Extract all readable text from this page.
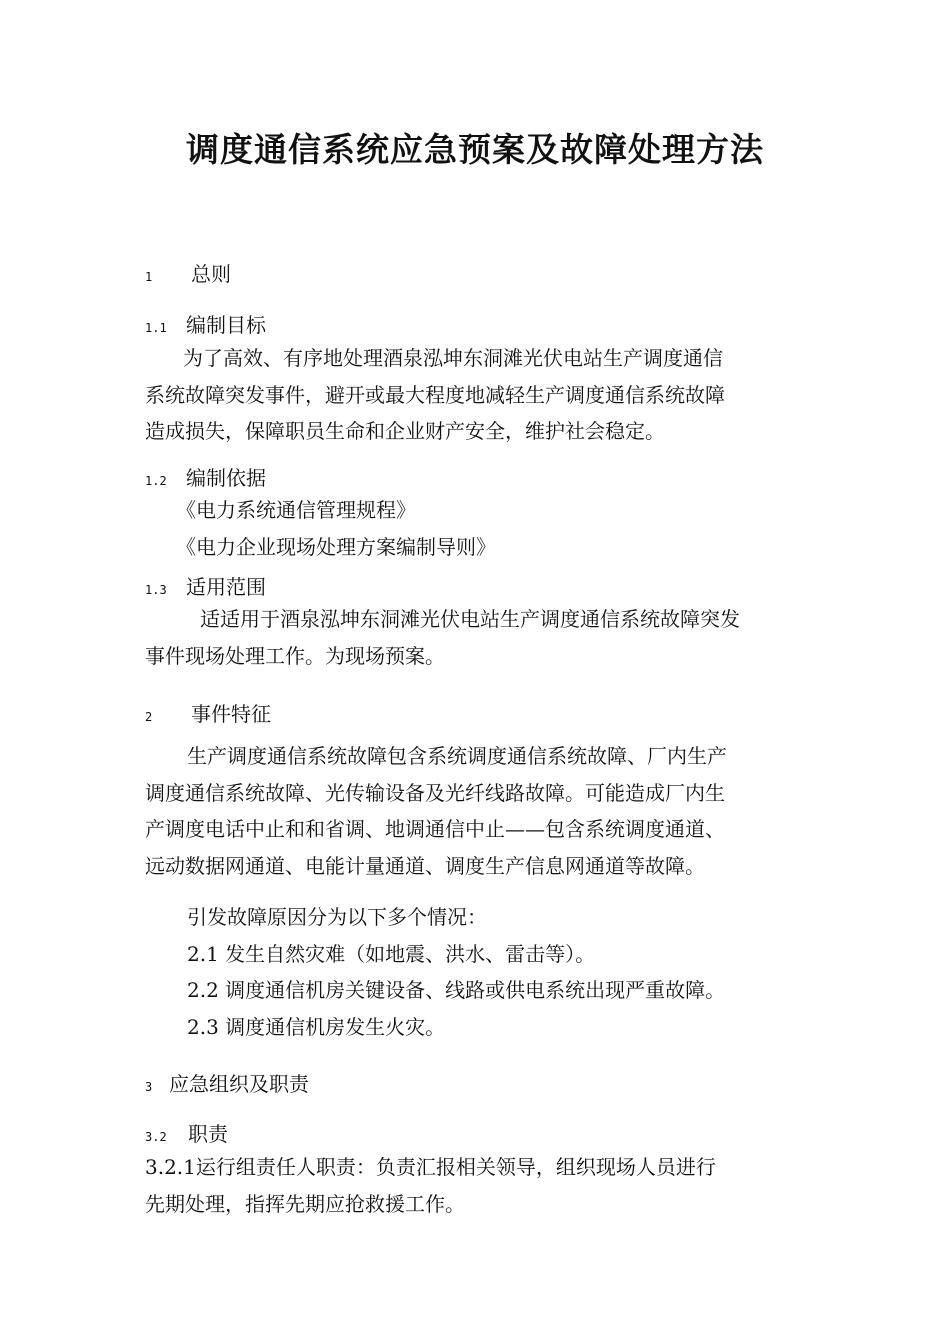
调度通信系统应急预案及故障处理方法
1 总则
1.1 编制目标
为了高效、有序地处理酒泉泓坤东洞滩光伏电站生产调度通信
系统故障突发事件，避开或最大程度地减轻生产调度通信系统故障
造成损失，保障职员生命和企业财产安全，维护社会稳定。
1.2 编制依据
《电力系统通信管理规程》
《电力企业现场处理方案编制导则》
1.3 适用范围
适适用于酒泉泓坤东洞滩光伏电站生产调度通信系统故障突发
事件现场处理工作。为现场预案。
2 事件特征
生产调度通信系统故障包含系统调度通信系统故障、厂内生产
调度通信系统故障、光传输设备及光纤线路故障。可能造成厂内生
产调度电话中止和和省调、地调通信中止——包含系统调度通道、
远动数据网通道、电能计量通道、调度生产信息网通道等故障。
引发故障原因分为以下多个情况：
2.1 发生自然灾难（如地震、洪水、雷击等）。
2.2 调度通信机房关键设备、线路或供电系统出现严重故障。
2.3 调度通信机房发生火灾。
3 应急组织及职责
3.2 职责
3.2.1运行组责任人职责：负责汇报相关领导，组织现场人员进行
先期处理，指挥先期应抢救援工作。
